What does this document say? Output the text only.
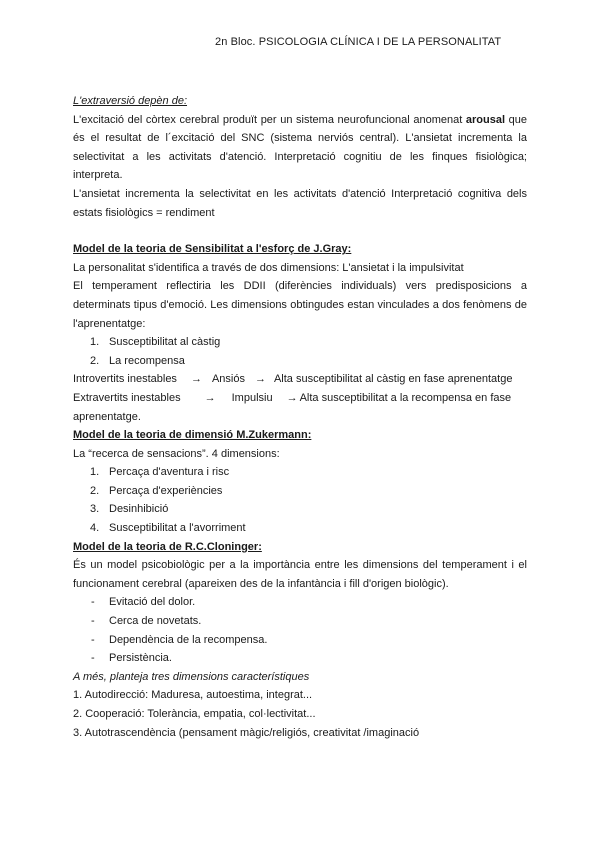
2n Bloc. PSICOLOGIA CLÍNICA I DE LA PERSONALITAT

L'extraversió depèn de:

L'excitació del còrtex cerebral produït per un sistema neurofuncional anomenat arousal que és el resultat de l´excitació del SNC (sistema nerviós central). L'ansietat incrementa la selectivitat a les activitats d'atenció. Interpretació cognitiu de les finques fisiològica; interpreta.

L'ansietat incrementa la selectivitat en les activitats d'atenció Interpretació cognitiva dels estats fisiològics = rendiment

Model de la teoria de Sensibilitat a l'esforç de J.Gray:

La personalitat s'identifica a través de dos dimensions: L'ansietat i la impulsivitat

El temperament reflectiria les DDII (diferències individuals) vers predisposicions a determinats tipus d'emoció. Les dimensions obtingudes estan vinculades a dos fenòmens de l'aprenentatge:

1. Susceptibilitat al càstig
2. La recompensa
Introvertits inestables
→
Ansiós
→
Alta susceptibilitat al càstig en fase aprenentatge
Extravertits inestables
→
Impulsiu
→
Alta susceptibilitat a la recompensa en fase

aprenentatge.

Model de la teoria de dimensió M.Zukermann:

La “recerca de sensacions”. 4 dimensions:

1. Percaça d'aventura i risc
2. Percaça d'experiències
3. Desinhibició
4. Susceptibilitat a l'avorriment

Model de la teoria de R.C.Cloninger:

És un model psicobiològic per a la importància entre les dimensions del temperament i el funcionament cerebral (apareixen des de la infantància i fill d'origen biològic).

- Evitació del dolor.
- Cerca de novetats.
- Dependència de la recompensa.
- Persistència.

A més, planteja tres dimensions característiques

1. Autodirecció: Maduresa, autoestima, integrat...

2. Cooperació: Tolerància, empatia, col·lectivitat...

3. Autotrascendència (pensament màgic/religiós, creativitat /imaginació
